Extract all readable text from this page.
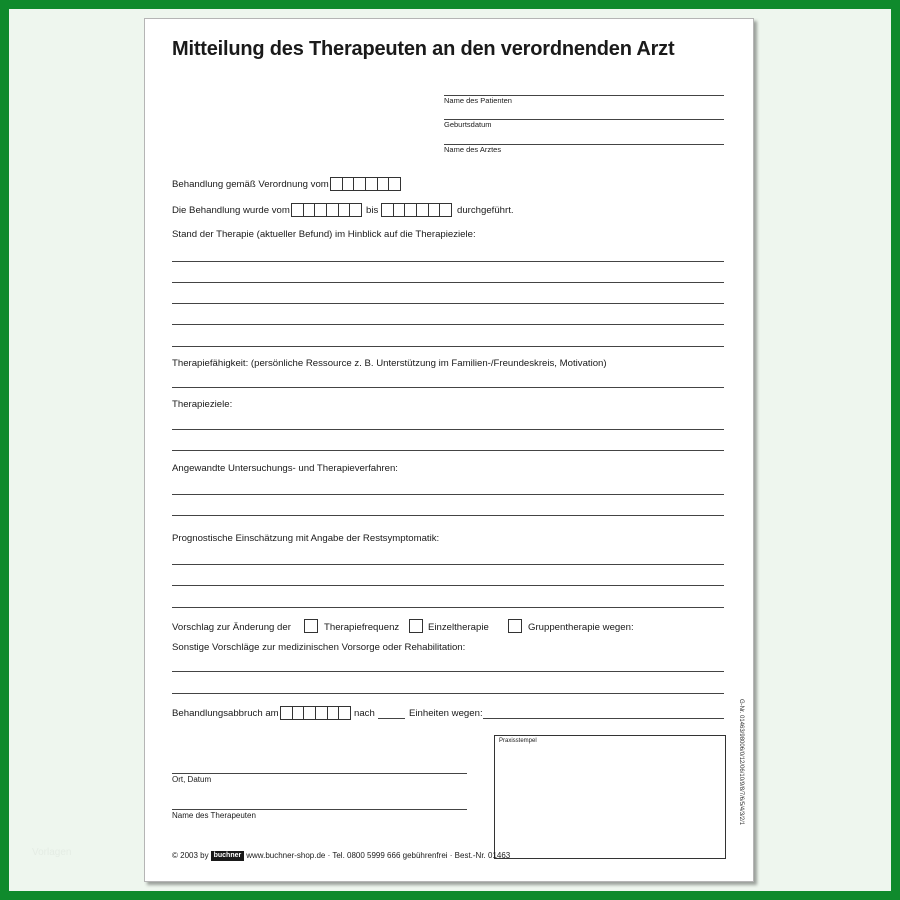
Mitteilung des Therapeuten an den verordnenden Arzt
Name des Patienten
Geburtsdatum
Name des Arztes
Behandlung gemäß Verordnung vom
Die Behandlung wurde vom	bis	durchgeführt.
Stand der Therapie (aktueller Befund) im Hinblick auf die Therapieziele:
Therapiefähigkeit: (persönliche Ressource z. B. Unterstützung im Familien-/Freundeskreis, Motivation)
Therapieziele:
Angewandte Untersuchungs- und Therapieverfahren:
Prognostische Einschätzung mit Angabe der Restsymptomatik:
Vorschlag zur Änderung der	Therapiefrequenz	Einzeltherapie	Gruppentherapie wegen:
Sonstige Vorschläge zur medizinischen Vorsorge oder Rehabilitation:
Behandlungsabbruch am	nach	Einheiten wegen:
Ort, Datum
Name des Therapeuten
Praxisstempel	G-Nr. 01463/98006/0/12/06/10/9/8/7/6/5/4/3/2/1
© 2003 by buchner www.buchner-shop.de · Tel. 0800 5999 666 gebührenfrei · Best.-Nr. 01463
Vorlagen
